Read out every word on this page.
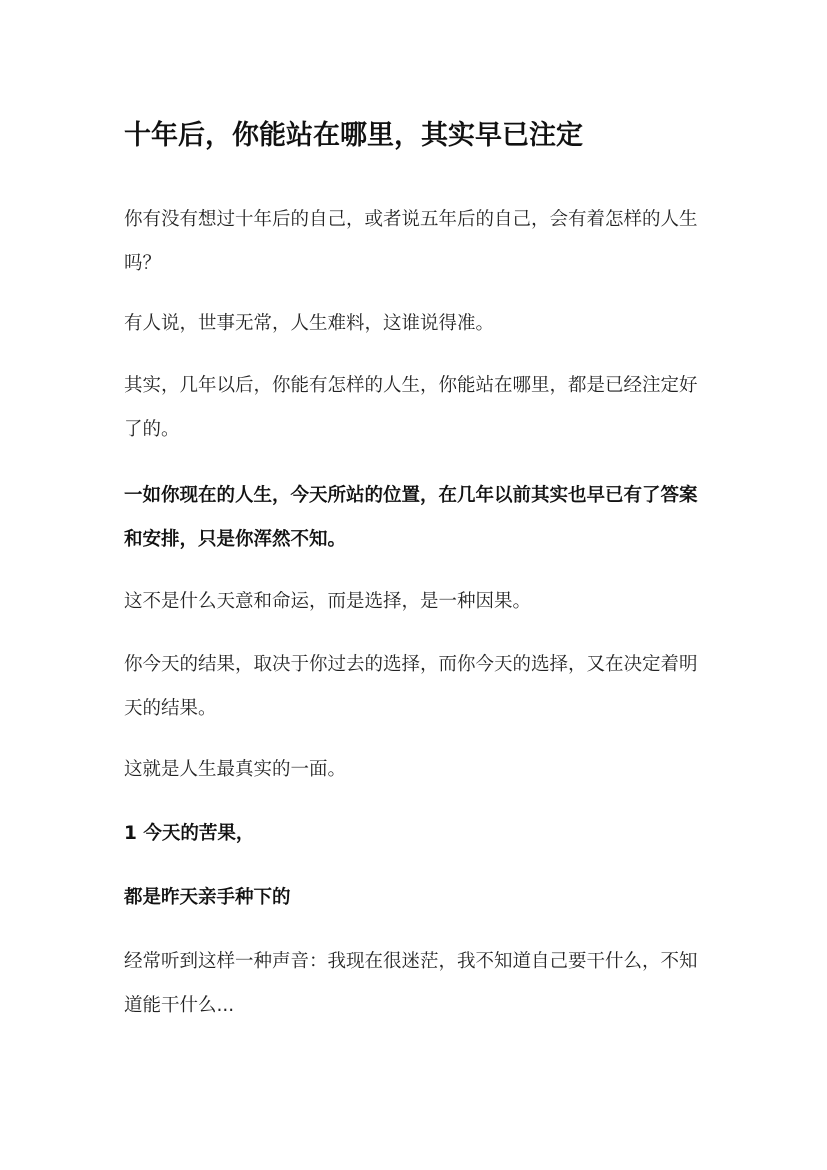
十年后，你能站在哪里，其实早已注定

你有没有想过十年后的自己，或者说五年后的自己，会有着怎样的人生吗？

有人说，世事无常，人生难料，这谁说得准。

其实，几年以后，你能有怎样的人生，你能站在哪里，都是已经注定好了的。

一如你现在的人生，今天所站的位置，在几年以前其实也早已有了答案和安排，只是你浑然不知。

这不是什么天意和命运，而是选择，是一种因果。

你今天的结果，取决于你过去的选择，而你今天的选择，又在决定着明天的结果。

这就是人生最真实的一面。

1 今天的苦果，

都是昨天亲手种下的

经常听到这样一种声音：我现在很迷茫，我不知道自己要干什么，不知道能干什么...
